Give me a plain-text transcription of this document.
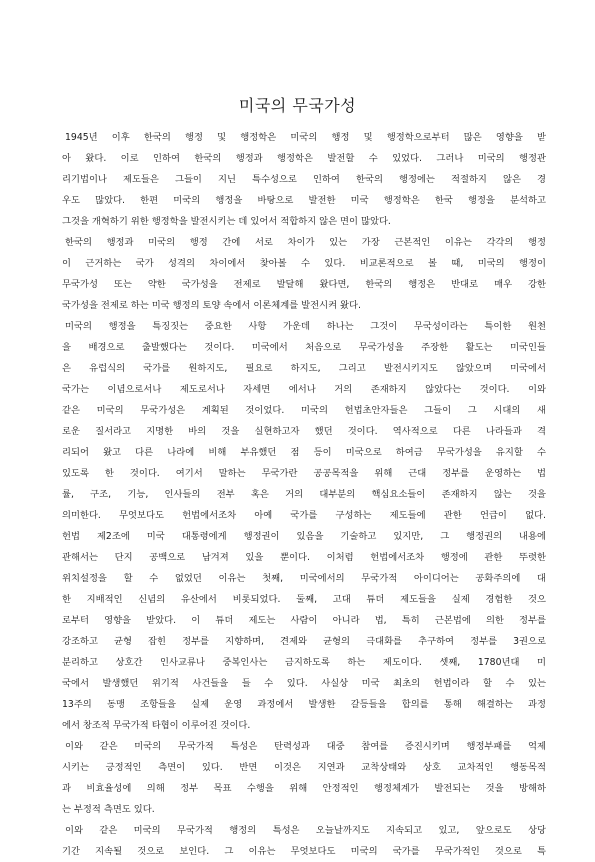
미국의 무국가성
1945년 이후 한국의 행정 및 행정학은 미국의 행정 및 행정학으로부터 많은 영향을 받
아 왔다. 이로 인하여 한국의 행정과 행정학은 발전할 수 있었다. 그러나 미국의 행정관
리기법이나 제도들은 그들이 지닌 특수성으로 인하여 한국의 행정에는 적절하지 않은 경
우도 많았다. 한편 미국의 행정을 바탕으로 발전한 미국 행정학은 한국 행정을 분석하고
그것을 개혁하기 위한 행정학을 발전시키는 데 있어서 적합하지 않은 면이 많았다.
한국의 행정과 미국의 행정 간에 서로 차이가 있는 가장 근본적인 이유는 각각의 행정
이 근거하는 국가 성격의 차이에서 찾아볼 수 있다. 비교론적으로 볼 때, 미국의 행정이
무국가성 또는 약한 국가성을 전제로 발달해 왔다면, 한국의 행정은 반대로 매우 강한
국가성을 전제로 하는 미국 행정의 토양 속에서 이론체계를 발전시켜 왔다.
미국의 행정을 특징짓는 중요한 사항 가운데 하나는 그것이 무국성이라는 특이한 원천
을 배경으로 출발했다는 것이다. 미국에서 처음으로 무국가성을 주장한 활도는 미국인들
은 유럽식의 국가를 원하지도, 필요로 하지도, 그리고 발전시키지도 않았으며 미국에서
국가는 이념으로서나 제도로서나 자세면 에서나 거의 존재하지 않았다는 것이다. 이와
같은 미국의 무국가성은 계획된 것이었다. 미국의 헌법초안자들은 그들이 그 시대의 새
로운 질서라고 지명한 바의 것을 실현하고자 했던 것이다. 역사적으로 다른 나라들과 격
리되어 왔고 다른 나라에 비해 부유했던 점 등이 미국으로 하여금 무국가성을 유지할 수
있도록 한 것이다. 여기서 말하는 무국가란 공공목적을 위해 근대 정부를 운영하는 법
률, 구조, 기능, 인사들의 전부 혹은 거의 대부분의 핵심요소들이 존재하지 않는 것을
의미한다. 무엇보다도 헌법에서조차 아예 국가를 구성하는 제도들에 관한 언급이 없다.
헌법 제2조에 미국 대통령에게 행정권이 있음을 기술하고 있지만, 그 행정권의 내용에
관해서는 단지 공백으로 남겨져 있을 뿐이다. 이처럼 헌법에서조차 행정에 관한 뚜렷한
위치설정을 할 수 없었던 이유는 첫째, 미국에서의 무국가적 아이디어는 공화주의에 대
한 지배적인 신념의 유산에서 비롯되었다. 둘째, 고대 튜더 제도들을 실제 경험한 것으
로부터 영향을 받았다. 이 튜더 제도는 사람이 아니라 법, 특히 근본법에 의한 정부를
강조하고 균형 잡힌 정부를 지향하며, 견제와 균형의 극대화를 추구하여 정부를 3권으로
분리하고 상호간 인사교류나 중복인사는 금지하도록 하는 제도이다. 셋째, 1780년대 미
국에서 발생했던 위기적 사건들을 들 수 있다. 사실상 미국 최초의 헌법이라 할 수 있는
13주의 동맹 조항들을 실제 운영 과정에서 발생한 갈등들을 합의를 통해 해결하는 과정
에서 창조적 무국가적 타협이 이루어진 것이다.
이와 같은 미국의 무국가적 특성은 탄력성과 대중 참여를 증진시키며 행정부패를 억제
시키는 긍정적인 측면이 있다. 반면 이것은 지연과 교착상태와 상호 교차적인 행동목적
과 비효율성에 의해 정부 목표 수행을 위해 안정적인 행정체계가 발전되는 것을 방해하
는 부정적 측면도 있다.
이와 같은 미국의 무국가적 행정의 특성은 오늘날까지도 지속되고 있고, 앞으로도 상당
기간 지속될 것으로 보인다. 그 이유는 무엇보다도 미국의 국가를 무국가적인 것으로 특
